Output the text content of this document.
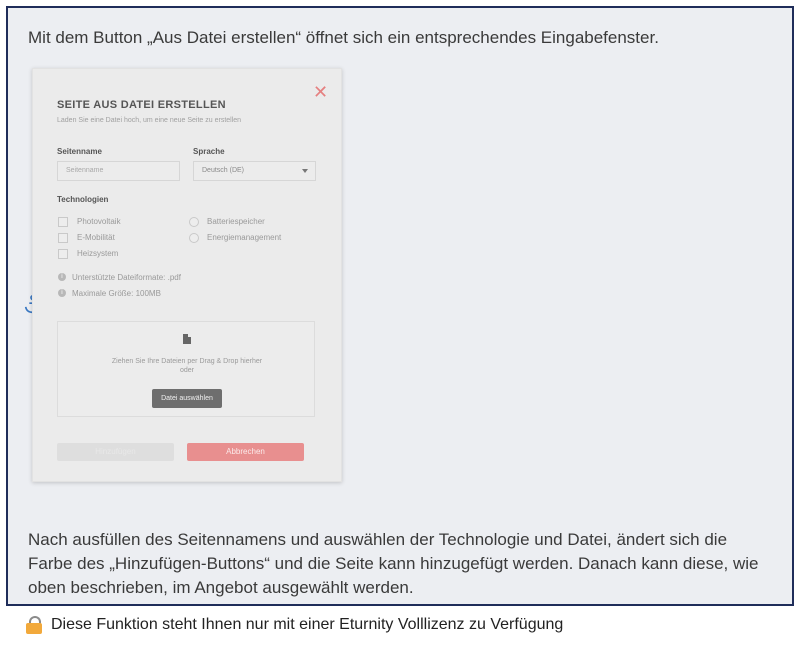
Mit dem Button „Aus Datei erstellen“ öffnet sich ein entsprechendes Eingabefenster.
✕
SEITE AUS DATEI ERSTELLEN
Laden Sie eine Datei hoch, um eine neue Seite zu erstellen
Seitenname
Seitenname
Sprache
Deutsch (DE)
Technologien
Photovoltaik
E-Mobilität
Heizsystem
Batteriespeicher
Energiemanagement
i	Unterstützte Dateiformate: .pdf
i	Maximale Größe: 100MB
Ziehen Sie Ihre Dateien per Drag & Drop hierher
oder
Datei auswählen
Hinzufügen	Abbrechen
Nach ausfüllen des Seitennamens und auswählen der Technologie und Datei, ändert sich die Farbe des „Hinzufügen-Buttons“ und die Seite kann hinzugefügt werden. Danach kann diese, wie oben beschrieben, im Angebot ausgewählt werden.
Diese Funktion steht Ihnen nur mit einer Eturnity Volllizenz zu Verfügung
